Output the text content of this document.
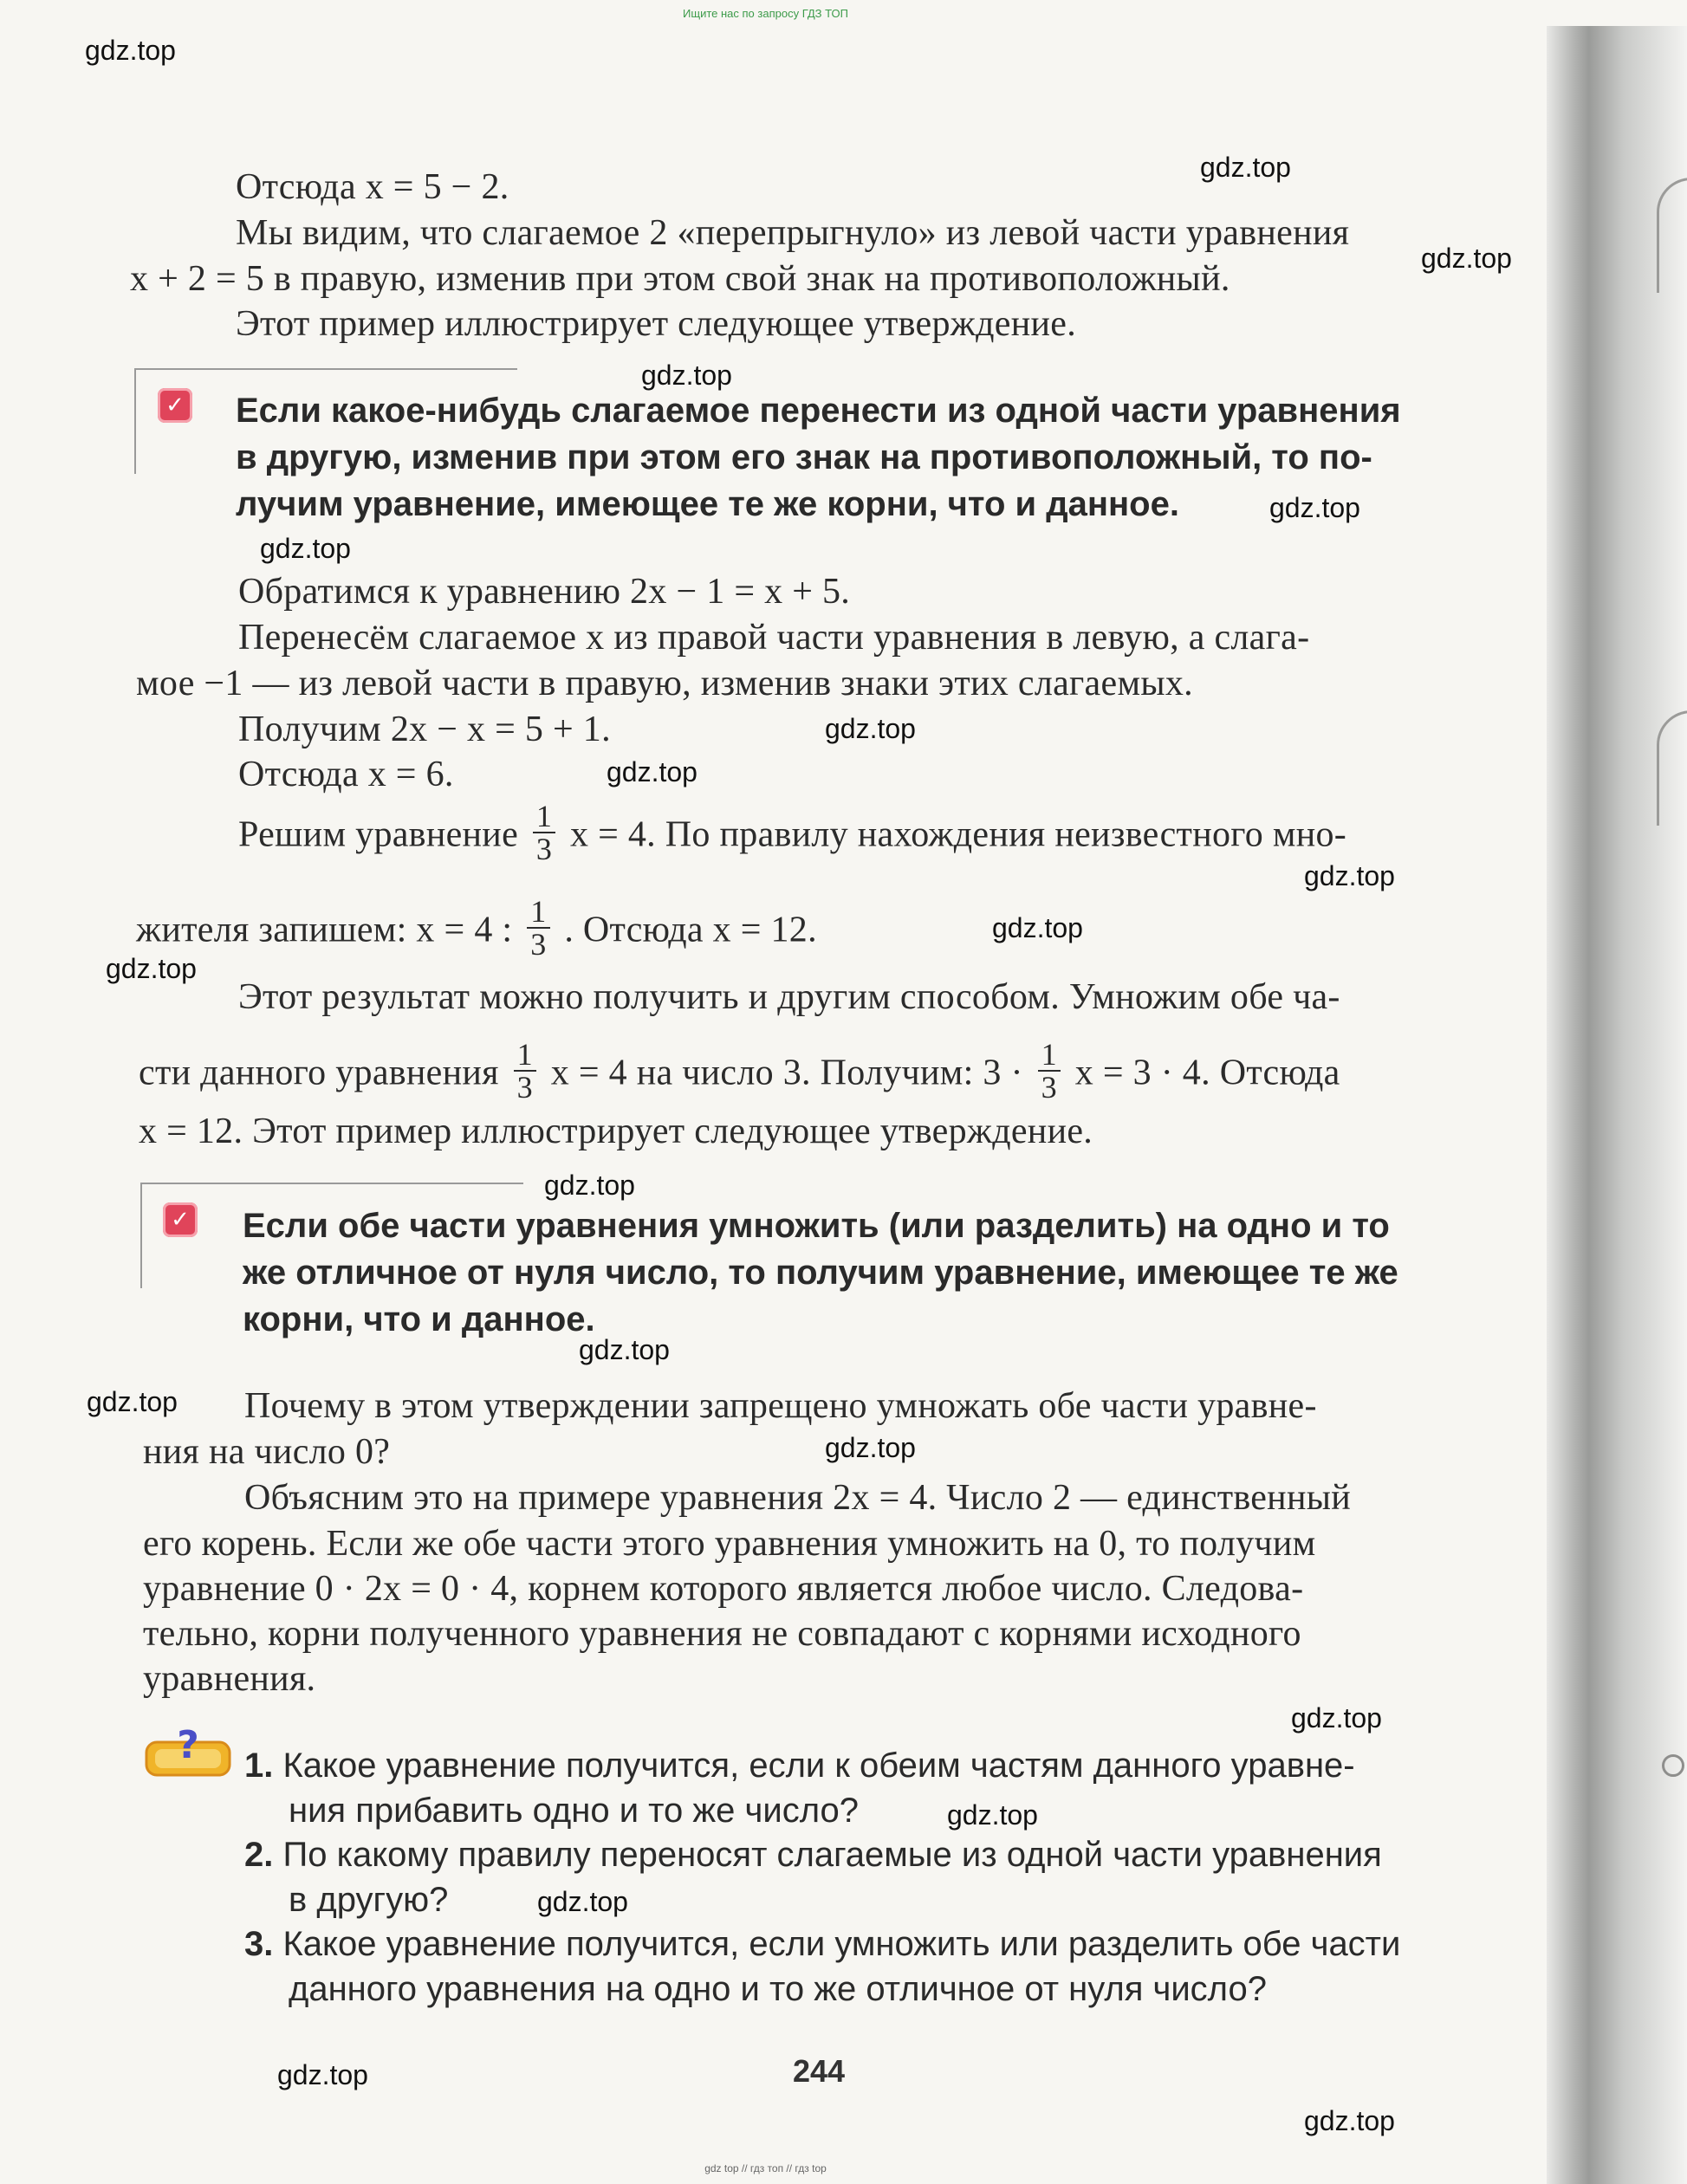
Ищите нас по запросу ГДЗ ТОП
gdz top // гдз топ // гдз top
gdz.top
gdz.top
gdz.top
gdz.top
gdz.top
gdz.top
gdz.top
gdz.top
gdz.top
gdz.top
gdz.top
gdz.top
gdz.top
gdz.top
gdz.top
gdz.top
gdz.top
gdz.top
gdz.top
gdz.top
Отсюда x = 5 − 2.
Мы видим, что слагаемое 2 «перепрыгнуло» из левой части уравнения
x + 2 = 5 в правую, изменив при этом свой знак на противоположный.
Этот пример иллюстрирует следующее утверждение.
✓ Если какое-нибудь слагаемое перенести из одной части уравнения
в другую, изменив при этом его знак на противоположный, то по-
лучим уравнение, имеющее те же корни, что и данное.
Обратимся к уравнению 2x − 1 = x + 5.
Перенесём слагаемое x из правой части уравнения в левую, а слага-
мое −1 — из левой части в правую, изменив знаки этих слагаемых.
Получим 2x − x = 5 + 1.
Отсюда x = 6.
Решим уравнение $\frac{1}{3}$ x = 4. По правилу нахождения неизвестного мно-
жителя запишем: x = 4 : $\frac{1}{3}$ . Отсюда x = 12.
Этот результат можно получить и другим способом. Умножим обе ча-
сти данного уравнения $\frac{1}{3}$ x = 4 на число 3. Получим: $3 \cdot \frac{1}{3}$ x = 3 · 4. Отсюда
x = 12. Этот пример иллюстрирует следующее утверждение.
✓ Если обе части уравнения умножить (или разделить) на одно и то
же отличное от нуля число, то получим уравнение, имеющее те же
корни, что и данное.
Почему в этом утверждении запрещено умножать обе части уравне-
ния на число 0?
Объясним это на примере уравнения 2x = 4. Число 2 — единственный
его корень. Если же обе части этого уравнения умножить на 0, то получим
уравнение 0 · 2x = 0 · 4, корнем которого является любое число. Следова-
тельно, корни полученного уравнения не совпадают с корнями исходного
уравнения.
? 1. Какое уравнение получится, если к обеим частям данного уравне-
ния прибавить одно и то же число?
2. По какому правилу переносят слагаемые из одной части уравнения
в другую?
3. Какое уравнение получится, если умножить или разделить обе части
данного уравнения на одно и то же отличное от нуля число?
244
